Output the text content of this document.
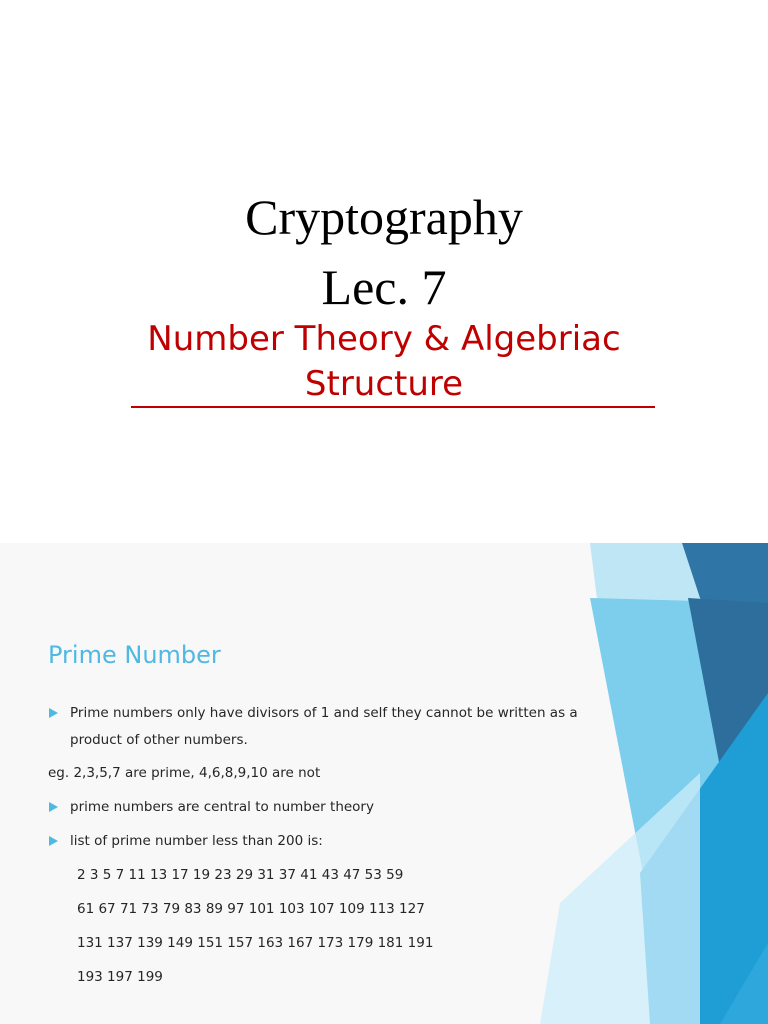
Cryptography
Lec. 7
Number Theory & Algebriac
Structure
Prime Number
Prime numbers only have divisors of 1 and self they cannot be written as a
product of other numbers.
eg. 2,3,5,7 are prime, 4,6,8,9,10 are not
prime numbers are central to number theory
list of prime number less than 200 is:
2 3 5 7 11 13 17 19 23 29 31 37 41 43 47 53 59
61 67 71 73 79 83 89 97 101 103 107 109 113 127
131 137 139 149 151 157 163 167 173 179 181 191
193 197 199
